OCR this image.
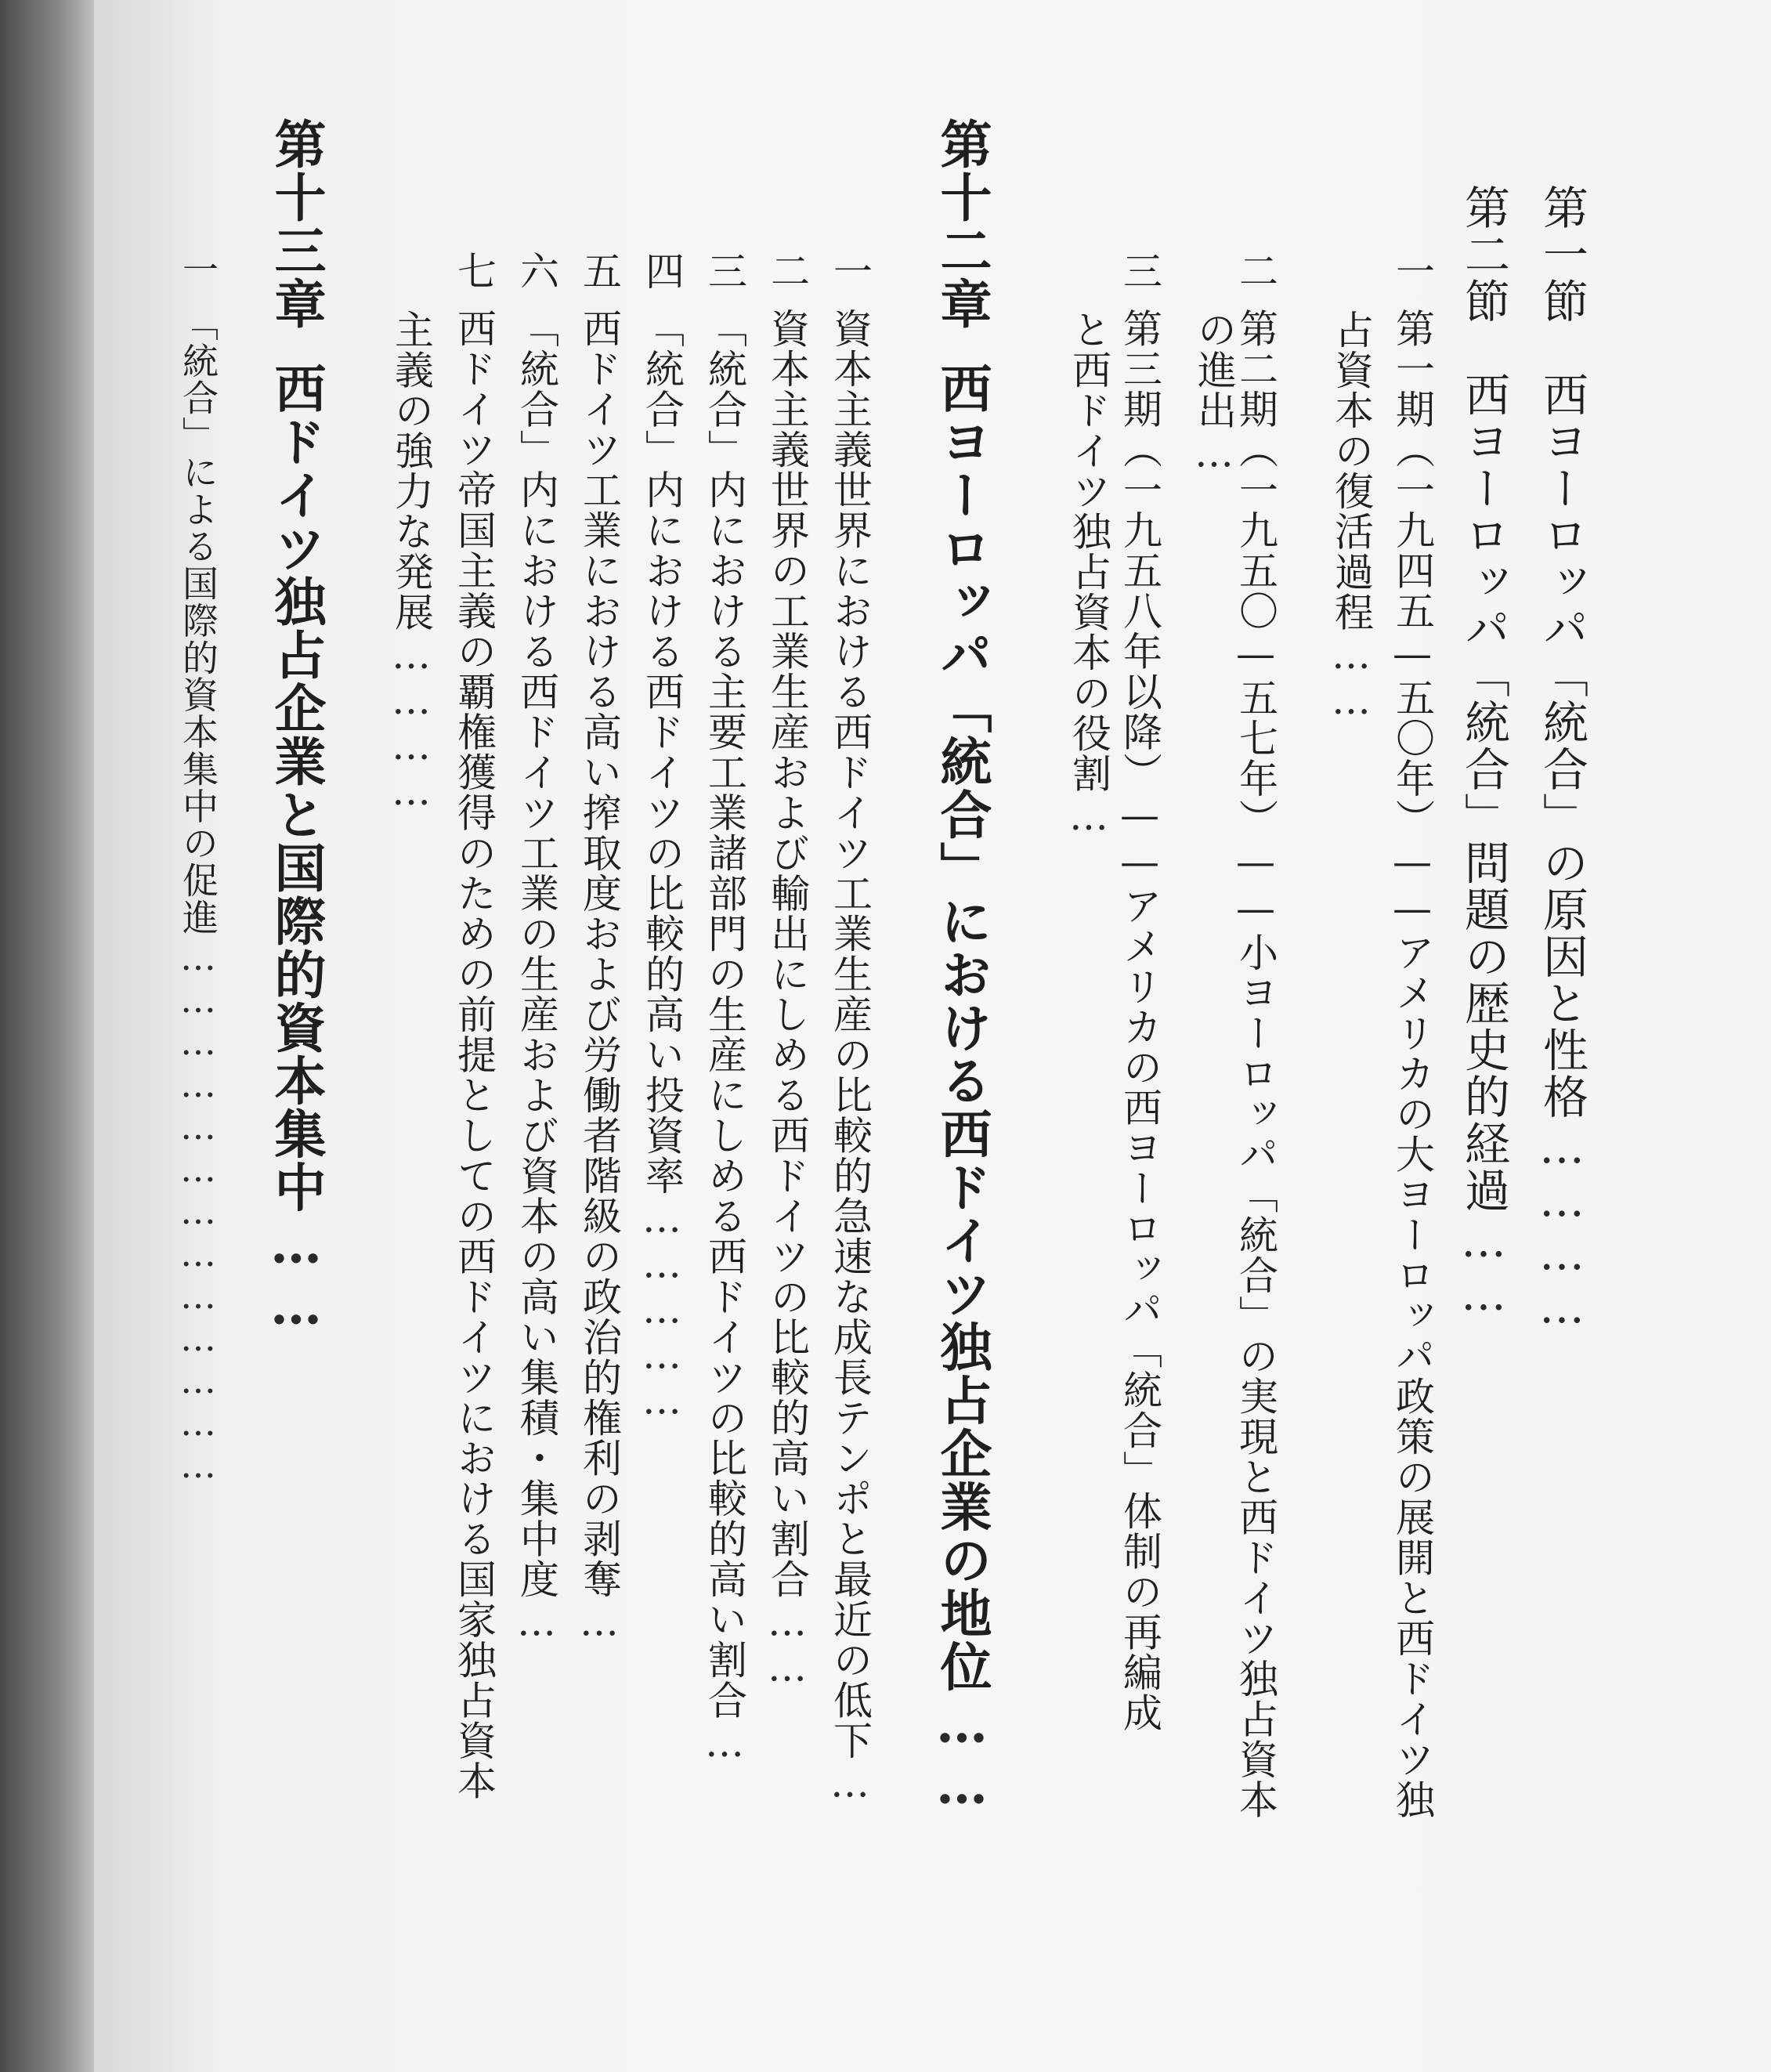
第一節　西ヨーロッパ「統合」の原因と性格…………
第二節　西ヨーロッパ「統合」問題の歴史的経過……
一第一期（一九四五—五〇年）——アメリカの大ヨーロッパ政策の展開と西ドイツ独
占資本の復活過程……
二第二期（一九五〇—五七年）——小ヨーロッパ「統合」の実現と西ドイツ独占資本
の進出…
三第三期（一九五八年以降）——アメリカの西ヨーロッパ「統合」体制の再編成
と西ドイツ独占資本の役割…
第十二章西ヨーロッパ「統合」における西ドイツ独占企業の地位……
一資本主義世界における西ドイツ工業生産の比較的急速な成長テンポと最近の低下…
二資本主義世界の工業生産および輸出にしめる西ドイツの比較的高い割合……
三「統合」内における主要工業諸部門の生産にしめる西ドイツの比較的高い割合…
四「統合」内における西ドイツの比較的高い投資率……………
五西ドイツ工業における高い搾取度および労働者階級の政治的権利の剥奪…
六「統合」内における西ドイツ工業の生産および資本の高い集積・集中度…
七西ドイツ帝国主義の覇権獲得のための前提としての西ドイツにおける国家独占資本
主義の強力な発展…………
第十三章西ドイツ独占企業と国際的資本集中……
一「統合」による国際的資本集中の促進…………………………………
